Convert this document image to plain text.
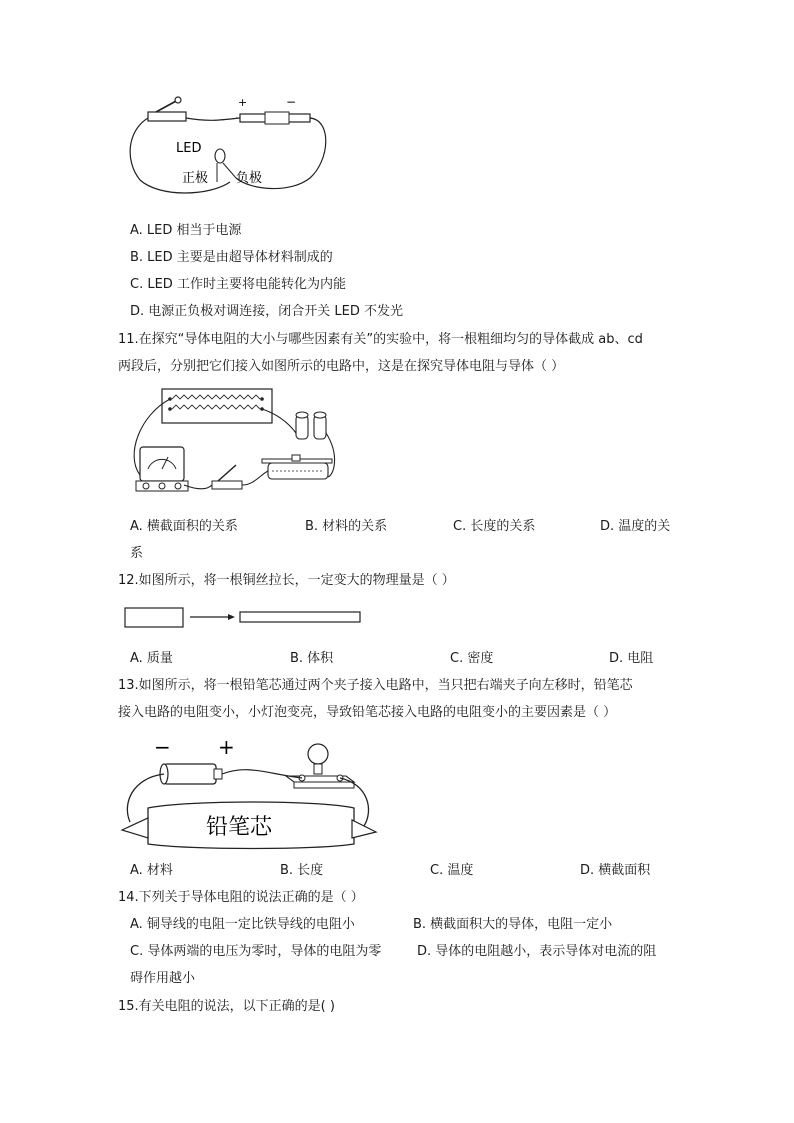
+	−
LED
正极 负极
A. LED 相当于电源
B. LED 主要是由超导体材料制成的
C. LED 工作时主要将电能转化为内能
D. 电源正负极对调连接，闭合开关 LED 不发光
11.在探究“导体电阻的大小与哪些因素有关”的实验中，将一根粗细均匀的导体截成 ab、cd
两段后，分别把它们接入如图所示的电路中，这是在探究导体电阻与导体（ ）
A. 横截面积的关系	B. 材料的关系	C. 长度的关系	D. 温度的关
系
12.如图所示，将一根铜丝拉长，一定变大的物理量是（ ）
A. 质量	B. 体积	C. 密度	D. 电阻
13.如图所示，将一根铅笔芯通过两个夹子接入电路中，当只把右端夹子向左移时，铅笔芯
接入电路的电阻变小，小灯泡变亮，导致铅笔芯接入电路的电阻变小的主要因素是（ ）
− +
铅笔芯
A. 材料	B. 长度	C. 温度	D. 横截面积
14.下列关于导体电阻的说法正确的是（ ）
A. 铜导线的电阻一定比铁导线的电阻小	B. 横截面积大的导体，电阻一定小
C. 导体两端的电压为零时，导体的电阻为零	D. 导体的电阻越小，表示导体对电流的阻
碍作用越小
15.有关电阻的说法，以下正确的是( )
